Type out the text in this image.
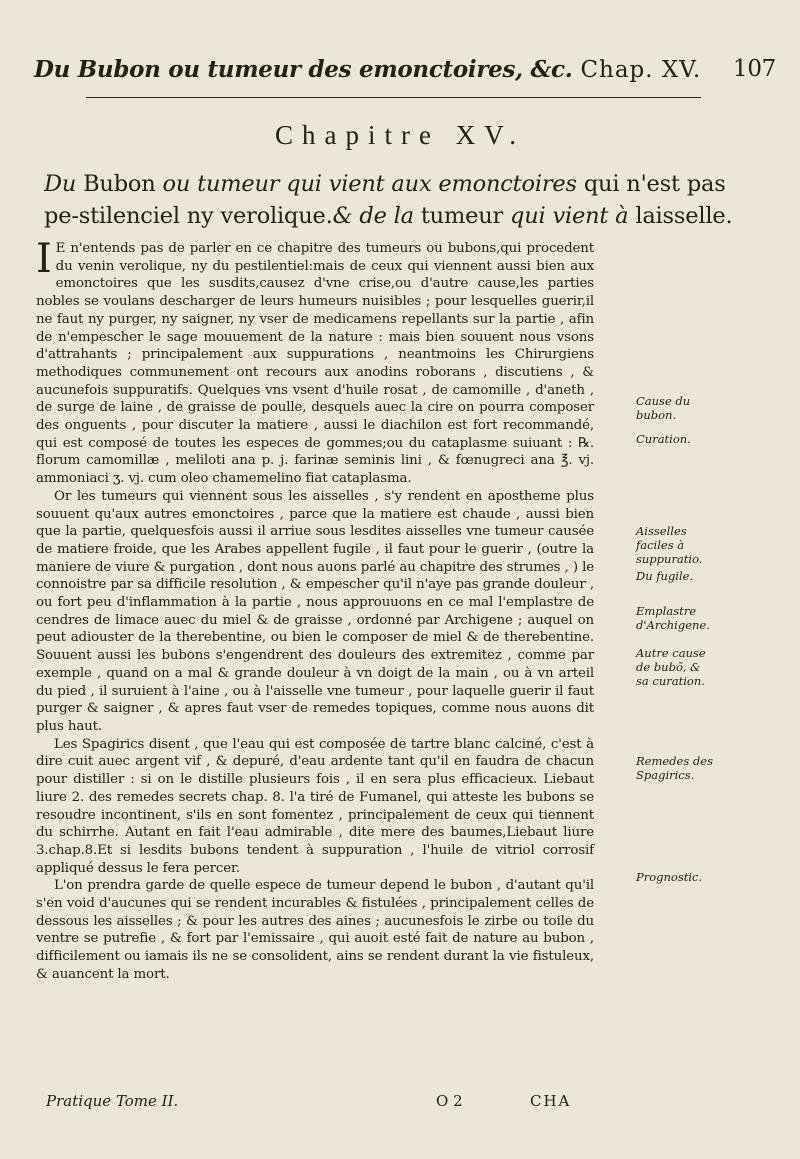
Du Bubon ou tumeur des emonctoires, &c. Chap. XV. 107
Chapitre XV.
Du Bubon ou tumeur qui vient aux emonctoires qui n'est pas pe-stilenciel ny verolique.& de la tumeur qui vient à laisselle.

I E n'entends pas de parler en ce chapitre des tumeurs ou bubons,qui procedent du venin verolique, ny du pestilentiel:mais de ceux qui viennent aussi bien aux emonctoires que les susdits,causez d'vne crise,ou d'autre cause,les parties nobles se voulans descharger de leurs humeurs nuisibles ; pour lesquelles guerir,il ne faut ny purger, ny saigner, ny vser de medicamens repellants sur la partie , afin de n'empescher le sage mouuement de la nature : mais bien souuent nous vsons d'attrahants ; principalement aux suppurations , neantmoins les Chirurgiens methodiques communement ont recours aux anodins roborans , discutiens , & aucunefois suppuratifs. Quelques vns vsent d'huile rosat , de camomille , d'aneth , de surge de laine , de graisse de poulle, desquels auec la cire on pourra composer des onguents , pour discuter la matiere , aussi le diachilon est fort recommandé, qui est composé de toutes les especes de gommes;ou du cataplasme suiuant : ℞. florum camomillæ , meliloti ana p. j. farinæ seminis lini , & fœnugreci ana ℥. vj. ammoniaci ʒ. vj. cum oleo chamemelino fiat cataplasma.

Or les tumeurs qui viennent sous les aisselles , s'y rendent en apostheme plus souuent qu'aux autres emonctoires , parce que la matiere est chaude , aussi bien que la partie, quelquesfois aussi il arriue sous lesdites aisselles vne tumeur causée de matiere froide, que les Arabes appellent fugile , il faut pour le guerir , (outre la maniere de viure & purgation , dont nous auons parlé au chapitre des strumes , ) le connoistre par sa difficile resolution , & empescher qu'il n'aye pas grande douleur , ou fort peu d'inflammation à la partie , nous approuuons en ce mal l'emplastre de cendres de limace auec du miel & de graisse , ordonné par Archigene ; auquel on peut adiouster de la therebentine, ou bien le composer de miel & de therebentine. Souuent aussi les bubons s'engendrent des douleurs des extremitez , comme par exemple , quand on a mal & grande douleur à vn doigt de la main , ou à vn arteil du pied , il suruient à l'aine , ou à l'aisselle vne tumeur , pour laquelle guerir il faut purger & saigner , & apres faut vser de remedes topiques, comme nous auons dit plus haut.

Les Spagirics disent , que l'eau qui est composée de tartre blanc calciné, c'est à dire cuit auec argent vif , & depuré, d'eau ardente tant qu'il en faudra de chacun pour distiller : si on le distille plusieurs fois , il en sera plus efficacieux. Liebaut liure 2. des remedes secrets chap. 8. l'a tiré de Fumanel, qui atteste les bubons se resoudre incontinent, s'ils en sont fomentez , principalement de ceux qui tiennent du schirrhe. Autant en fait l'eau admirable , dite mere des baumes,Liebaut liure 3.chap.8.Et si lesdits bubons tendent à suppuration , l'huile de vitriol corrosif appliqué dessus le fera percer.

L'on prendra garde de quelle espece de tumeur depend le bubon , d'autant qu'il s'en void d'aucunes qui se rendent incurables & fistulées , principalement celles de dessous les aisselles ; & pour les autres des aines ; aucunesfois le zirbe ou toile du ventre se putrefie , & fort par l'emissaire , qui auoit esté fait de nature au bubon , difficilement ou iamais ils ne se consolident, ains se rendent durant la vie fistuleux, & auancent la mort.

Cause du bubon.
Curation.
Aisselles faciles à suppuratio.
Du fugile.
Emplastre d'Archigene.
Autre cause de bubõ, & sa curation.
Remedes des Spagirics.
Prognostic.
Pratique Tome II.	O 2	CHA
